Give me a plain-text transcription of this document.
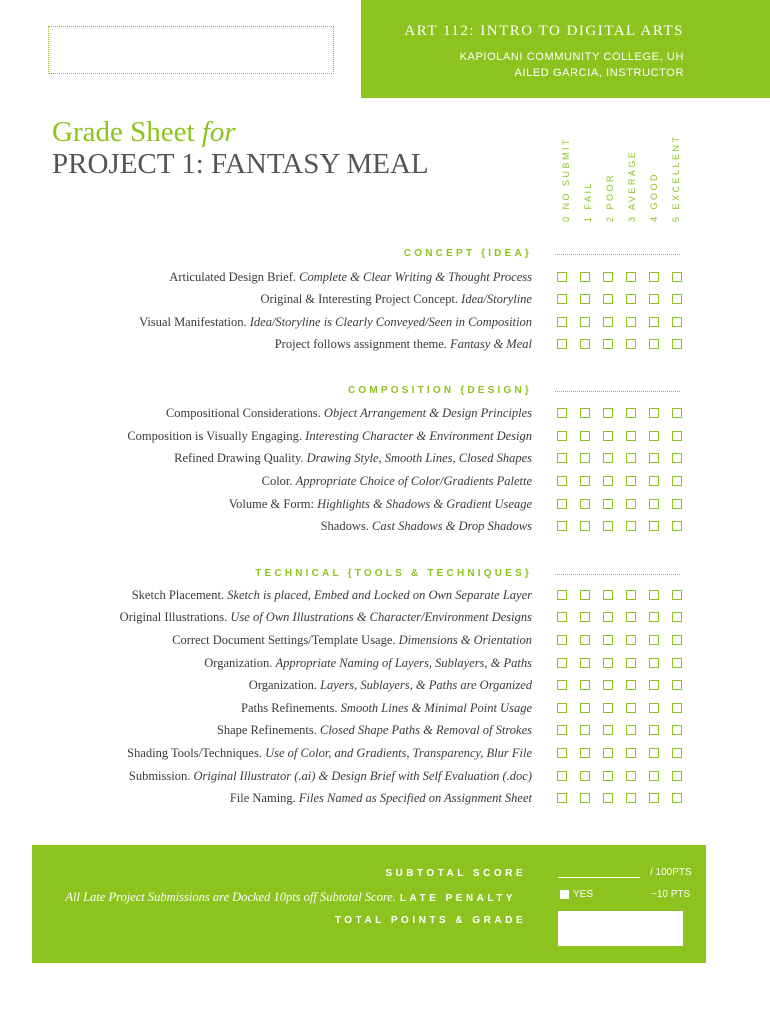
ART 112: INTRO TO DIGITAL ARTS
KAPIOLANI COMMUNITY COLLEGE, UH
AILED GARCIA, INSTRUCTOR
Grade Sheet for
PROJECT 1: FANTASY MEAL	0 NO SUBMIT 1 FAIL 2 POOR 3 AVERAGE 4 GOOD 5 EXCELLENT
CONCEPT {IDEA}
Articulated Design Brief. Complete & Clear Writing & Thought Process
Original & Interesting Project Concept. Idea/Storyline
Visual Manifestation. Idea/Storyline is Clearly Conveyed/Seen in Composition
Project follows assignment theme. Fantasy & Meal
COMPOSITION {DESIGN}
Compositional Considerations. Object Arrangement & Design Principles
Composition is Visually Engaging. Interesting Character & Environment Design
Refined Drawing Quality. Drawing Style, Smooth Lines, Closed Shapes
Color. Appropriate Choice of Color/Gradients Palette
Volume & Form: Highlights & Shadows & Gradient Useage
Shadows. Cast Shadows & Drop Shadows
TECHNICAL {TOOLS & TECHNIQUES}
Sketch Placement. Sketch is placed, Embed and Locked on Own Separate Layer
Original Illustrations. Use of Own Illustrations & Character/Environment Designs
Correct Document Settings/Template Usage. Dimensions & Orientation
Organization. Appropriate Naming of Layers, Sublayers, & Paths
Organization. Layers, Sublayers, & Paths are Organized
Paths Refinements. Smooth Lines & Minimal Point Usage
Shape Refinements. Closed Shape Paths & Removal of Strokes
Shading Tools/Techniques. Use of Color, and Gradients, Transparency, Blur File
Submission. Original Illustrator (.ai) & Design Brief with Self Evaluation (.doc)
File Naming. Files Named as Specified on Assignment Sheet
SUBTOTAL SCORE	/ 100PTS
All Late Project Submissions are Docked 10pts off Subtotal Score. LATE PENALTY	YES	−10 PTS
TOTAL POINTS & GRADE
